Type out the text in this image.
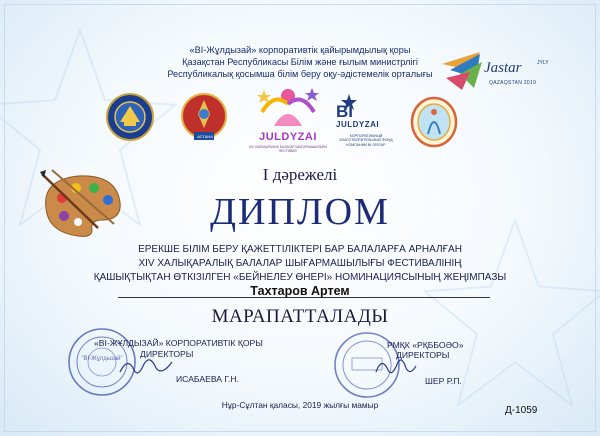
«BI-Жұлдызай» корпоративтік қайырымдылық қоры
Қазақстан Республикасы Білім және ғылым министрлігі
Республикалық қосымша білім беру оқу-әдістемелік орталығы	Jastar	JYLY
QAZAQSTAN 2019
АСТАНА	JULDYZAI
XIV ХАЛЫҚАРАЛЫҚ БАЛАЛАР ШЫҒАРМАШЫЛЫҒЫ ФЕСТИВАЛІ
BI
JULDYZAI
КОРПОРАТИВНЫЙ БЛАГОТВОРИТЕЛЬНЫЙ ФОНД КОМПАНИИ BI GROUP
I дәрежелі
ДИПЛОМ
ЕРЕКШЕ БІЛІМ БЕРУ ҚАЖЕТТІЛІКТЕРІ БАР БАЛАЛАРҒА АРНАЛҒАН
XIV ХАЛЫҚАРАЛЫҚ БАЛАЛАР ШЫҒАРМАШЫЛЫҒЫ ФЕСТИВАЛІНІҢ
ҚАШЫҚТЫҚТАН ӨТКІЗІЛГЕН «БЕЙНЕЛЕУ ӨНЕРІ» НОМИНАЦИЯСЫНЫҢ ЖЕҢІМПАЗЫ
Тахтаров Артем
МАРАПАТТАЛАДЫ
"BI-Жұлдызай"
«BI-ЖҰЛДЫЗАЙ» КОРПОРАТИВТІК ҚОРЫ
ДИРЕКТОРЫ
ИСАБАЕВА Г.Н.
РМҚК «РҚББОӘО»
ДИРЕКТОРЫ
ШЕР Р.П.
Нұр-Сұлтан қаласы, 2019 жылғы мамыр	Д-1059
